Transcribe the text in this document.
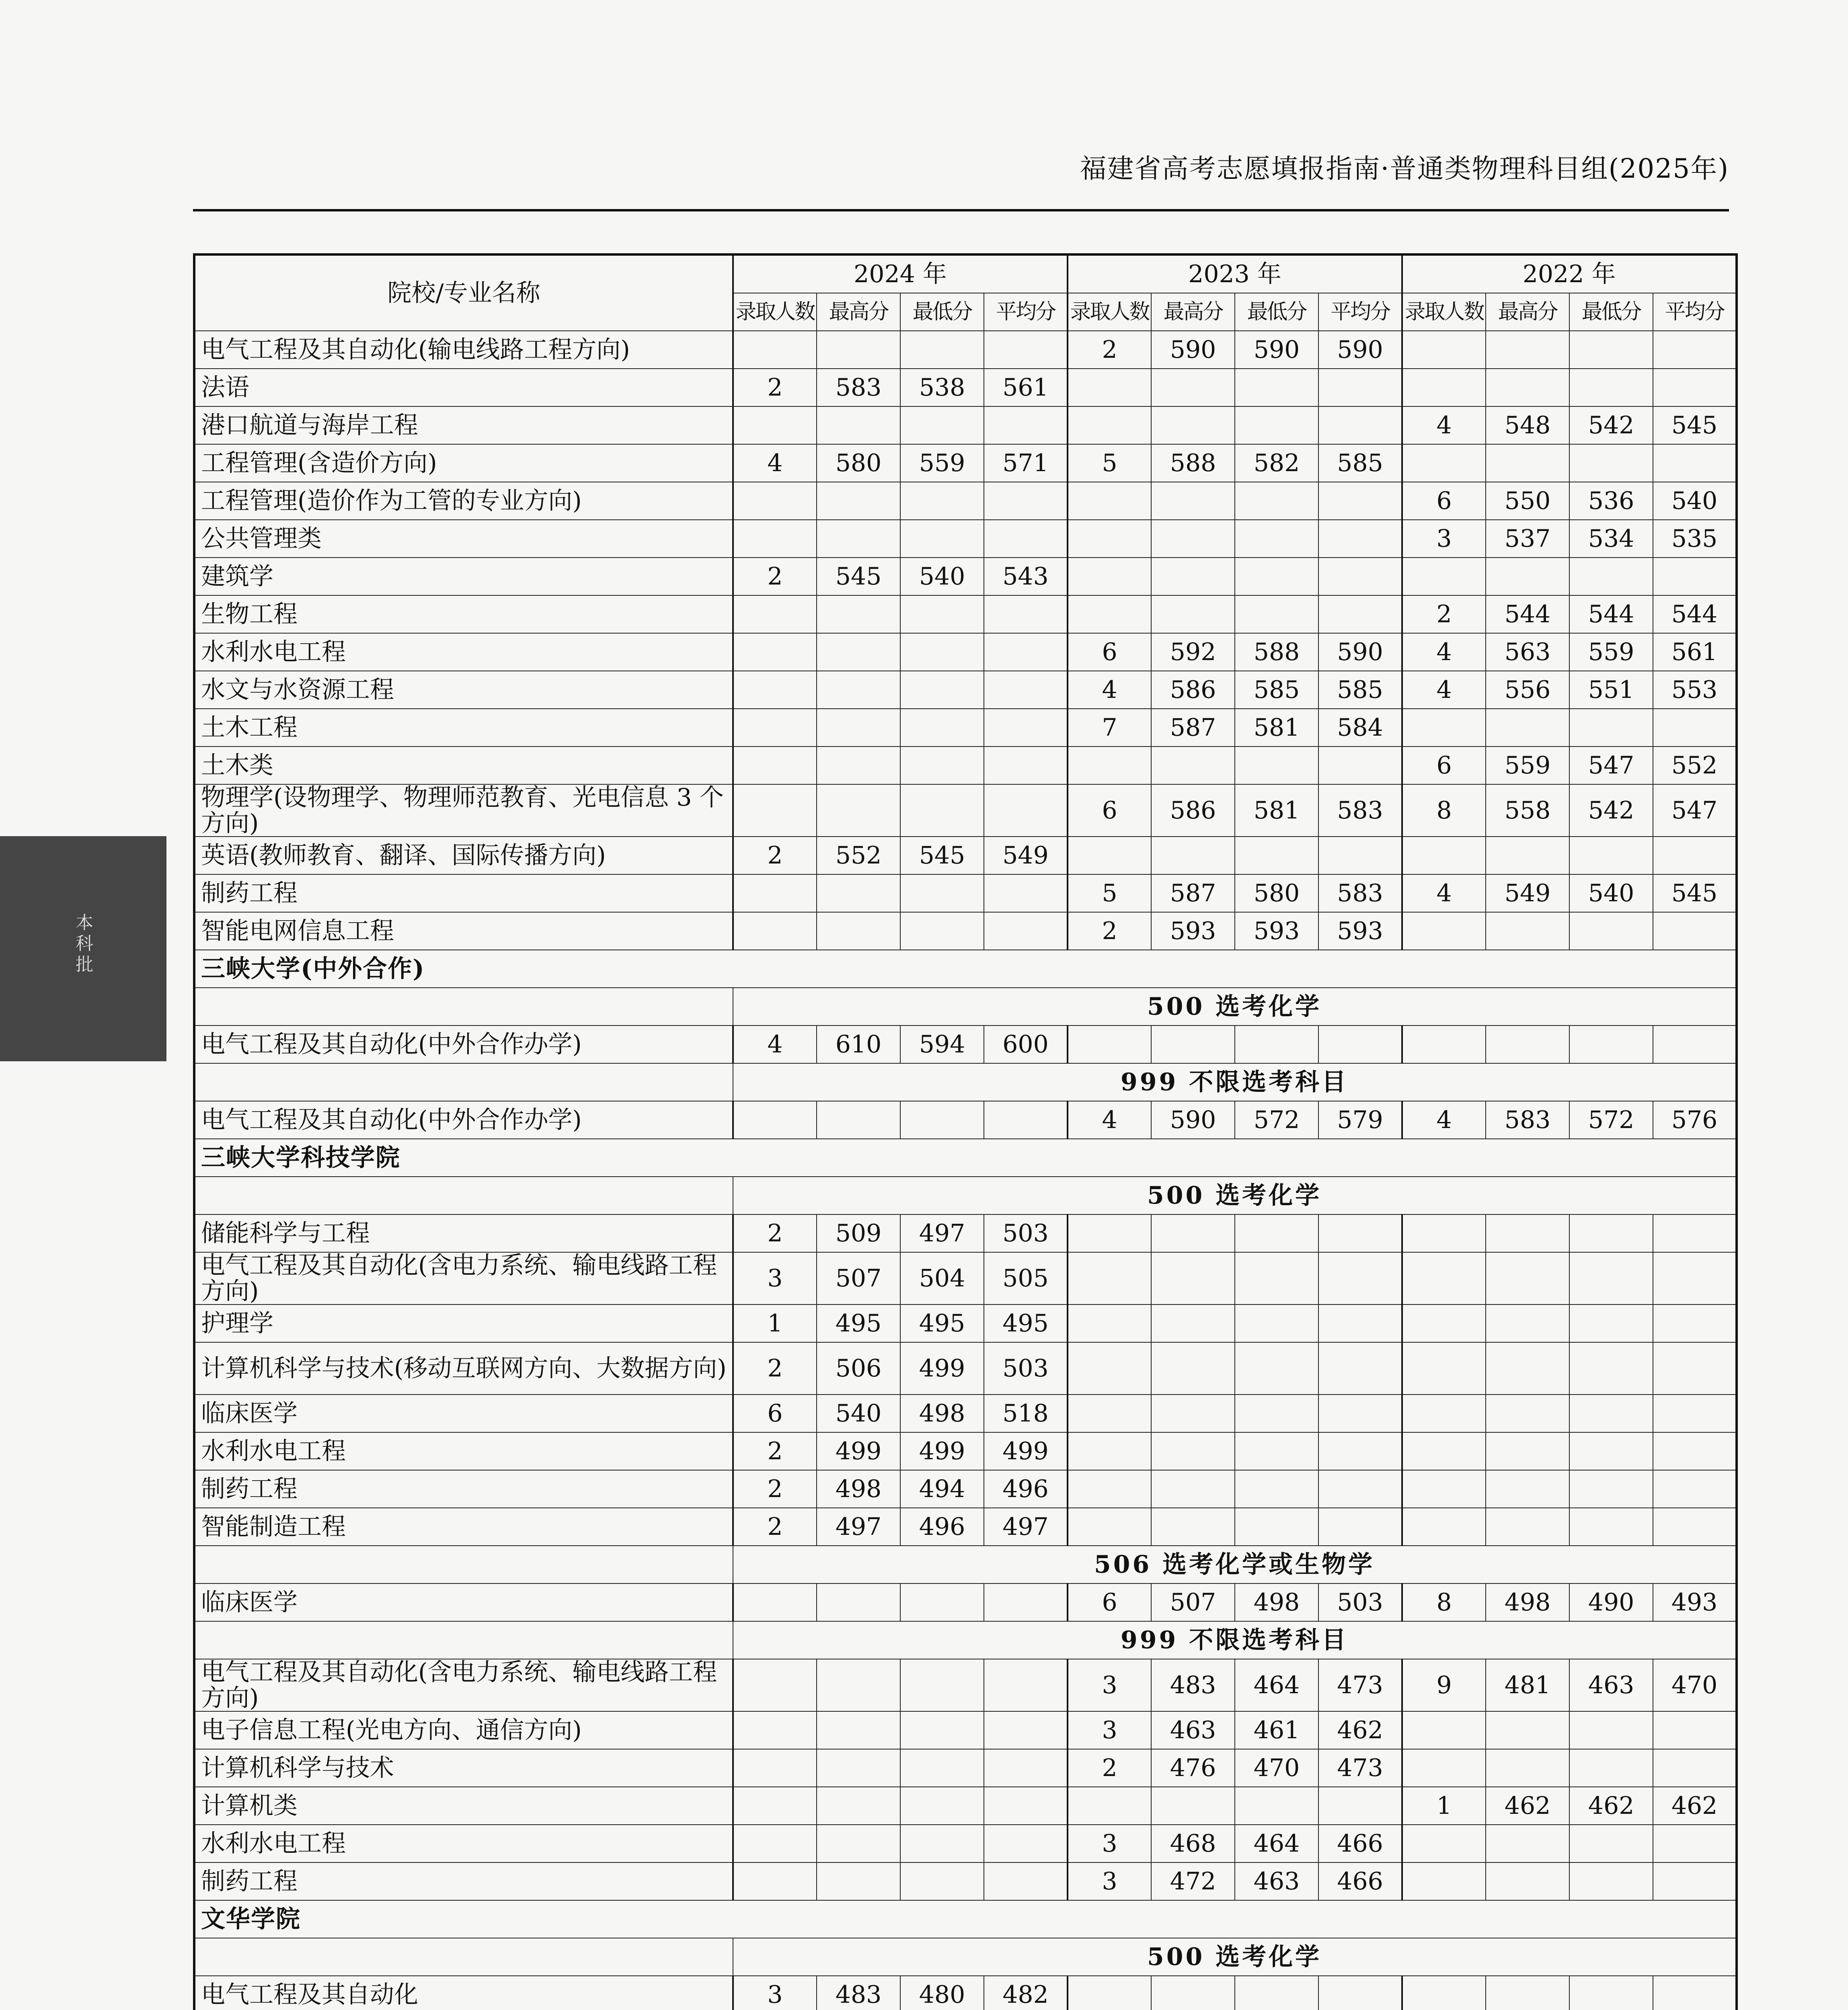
福建省高考志愿填报指南·普通类物理科目组(2025年)
本科批
院校/专业名称	2024 年				2023 年				2022 年			
	录取人数	最高分	最低分	平均分	录取人数	最高分	最低分	平均分	录取人数	最高分	最低分	平均分
电气工程及其自动化(输电线路工程方向)					2	590	590	590				
法语	2	583	538	561								
港口航道与海岸工程									4	548	542	545
工程管理(含造价方向)	4	580	559	571	5	588	582	585				
工程管理(造价作为工管的专业方向)									6	550	536	540
公共管理类									3	537	534	535
建筑学	2	545	540	543								
生物工程									2	544	544	544
水利水电工程					6	592	588	590	4	563	559	561
水文与水资源工程					4	586	585	585	4	556	551	553
土木工程					7	587	581	584				
土木类									6	559	547	552
物理学(设物理学、物理师范教育、光电信息 3 个方向)					6	586	581	583	8	558	542	547
英语(教师教育、翻译、国际传播方向)	2	552	545	549								
制药工程					5	587	580	583	4	549	540	545
智能电网信息工程					2	593	593	593				
三峡大学(中外合作)												
	500 选考化学											
电气工程及其自动化(中外合作办学)	4	610	594	600								
	999 不限选考科目											
电气工程及其自动化(中外合作办学)					4	590	572	579	4	583	572	576
三峡大学科技学院												
	500 选考化学											
储能科学与工程	2	509	497	503								
电气工程及其自动化(含电力系统、输电线路工程方向)	3	507	504	505								
护理学	1	495	495	495								
计算机科学与技术(移动互联网方向、大数据方向)	2	506	499	503								
临床医学	6	540	498	518								
水利水电工程	2	499	499	499								
制药工程	2	498	494	496								
智能制造工程	2	497	496	497								
	506 选考化学或生物学											
临床医学					6	507	498	503	8	498	490	493
	999 不限选考科目											
电气工程及其自动化(含电力系统、输电线路工程方向)					3	483	464	473	9	481	463	470
电子信息工程(光电方向、通信方向)					3	463	461	462				
计算机科学与技术					2	476	470	473				
计算机类									1	462	462	462
水利水电工程					3	468	464	466				
制药工程					3	472	463	466				
文华学院												
	500 选考化学											
电气工程及其自动化	3	483	480	482								
